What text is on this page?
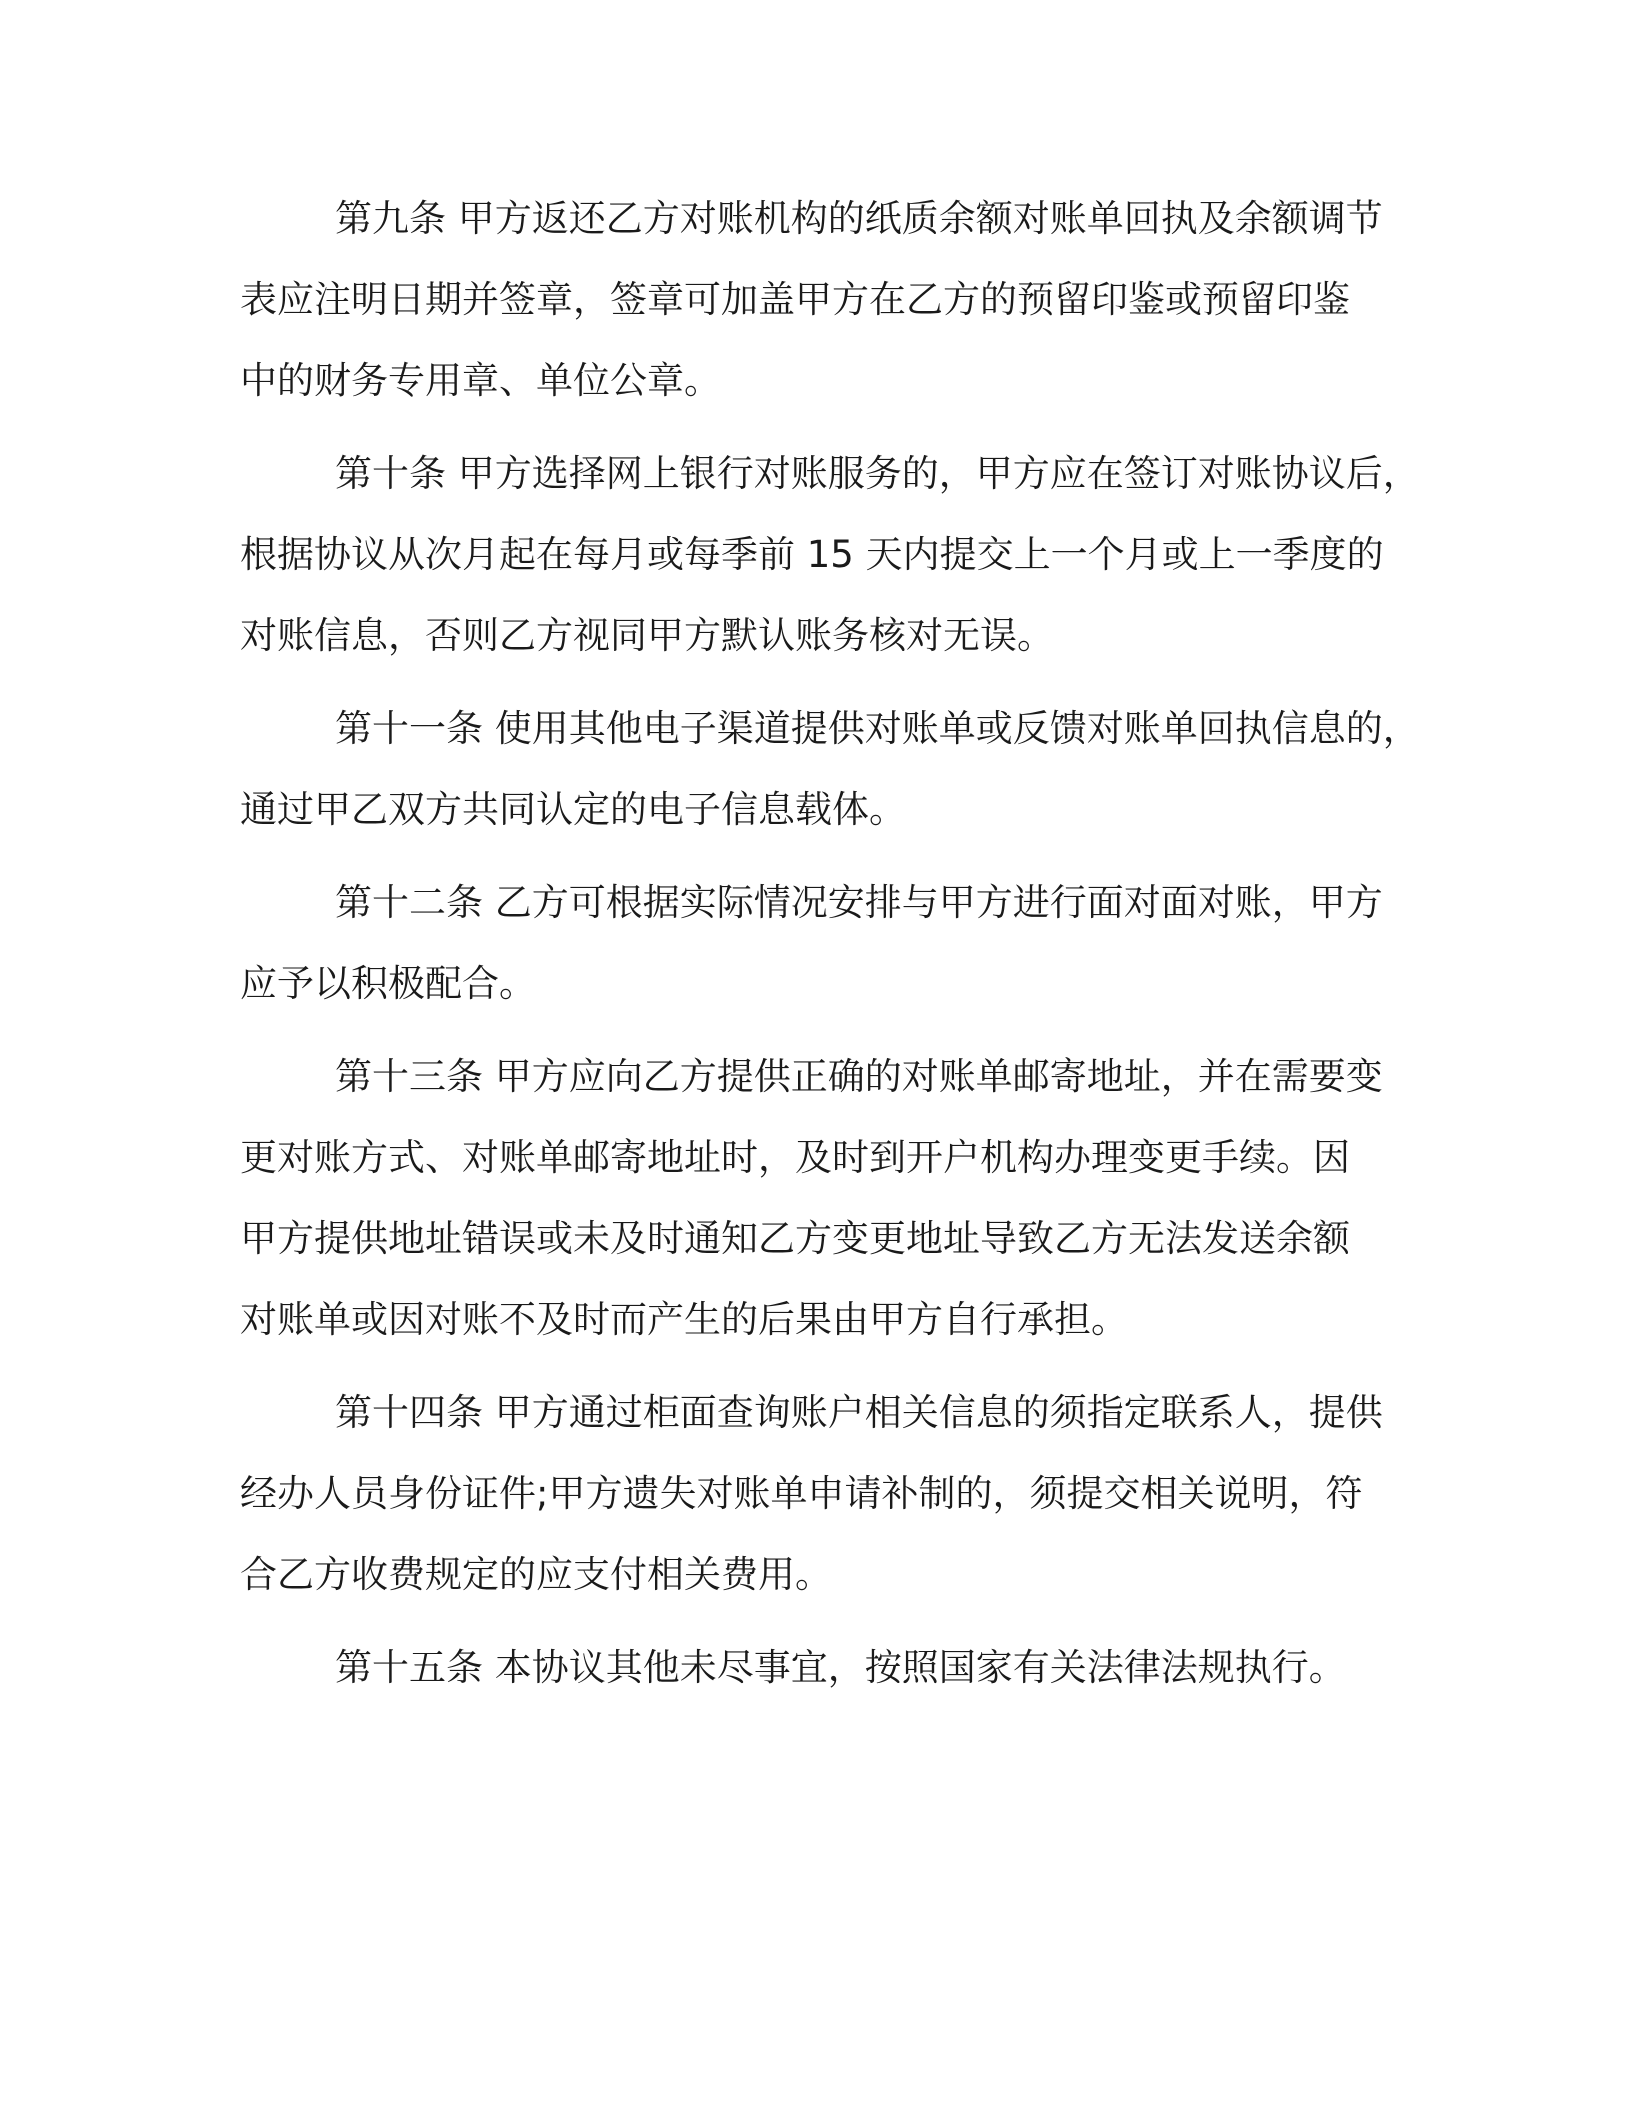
第九条 甲方返还乙方对账机构的纸质余额对账单回执及余额调节
表应注明日期并签章，签章可加盖甲方在乙方的预留印鉴或预留印鉴
中的财务专用章、单位公章。
第十条 甲方选择网上银行对账服务的，甲方应在签订对账协议后，
根据协议从次月起在每月或每季前 15 天内提交上一个月或上一季度的
对账信息，否则乙方视同甲方默认账务核对无误。
第十一条 使用其他电子渠道提供对账单或反馈对账单回执信息的，
通过甲乙双方共同认定的电子信息载体。
第十二条 乙方可根据实际情况安排与甲方进行面对面对账，甲方
应予以积极配合。
第十三条 甲方应向乙方提供正确的对账单邮寄地址，并在需要变
更对账方式、对账单邮寄地址时，及时到开户机构办理变更手续。因
甲方提供地址错误或未及时通知乙方变更地址导致乙方无法发送余额
对账单或因对账不及时而产生的后果由甲方自行承担。
第十四条 甲方通过柜面查询账户相关信息的须指定联系人，提供
经办人员身份证件;甲方遗失对账单申请补制的，须提交相关说明，符
合乙方收费规定的应支付相关费用。
第十五条 本协议其他未尽事宜，按照国家有关法律法规执行。
